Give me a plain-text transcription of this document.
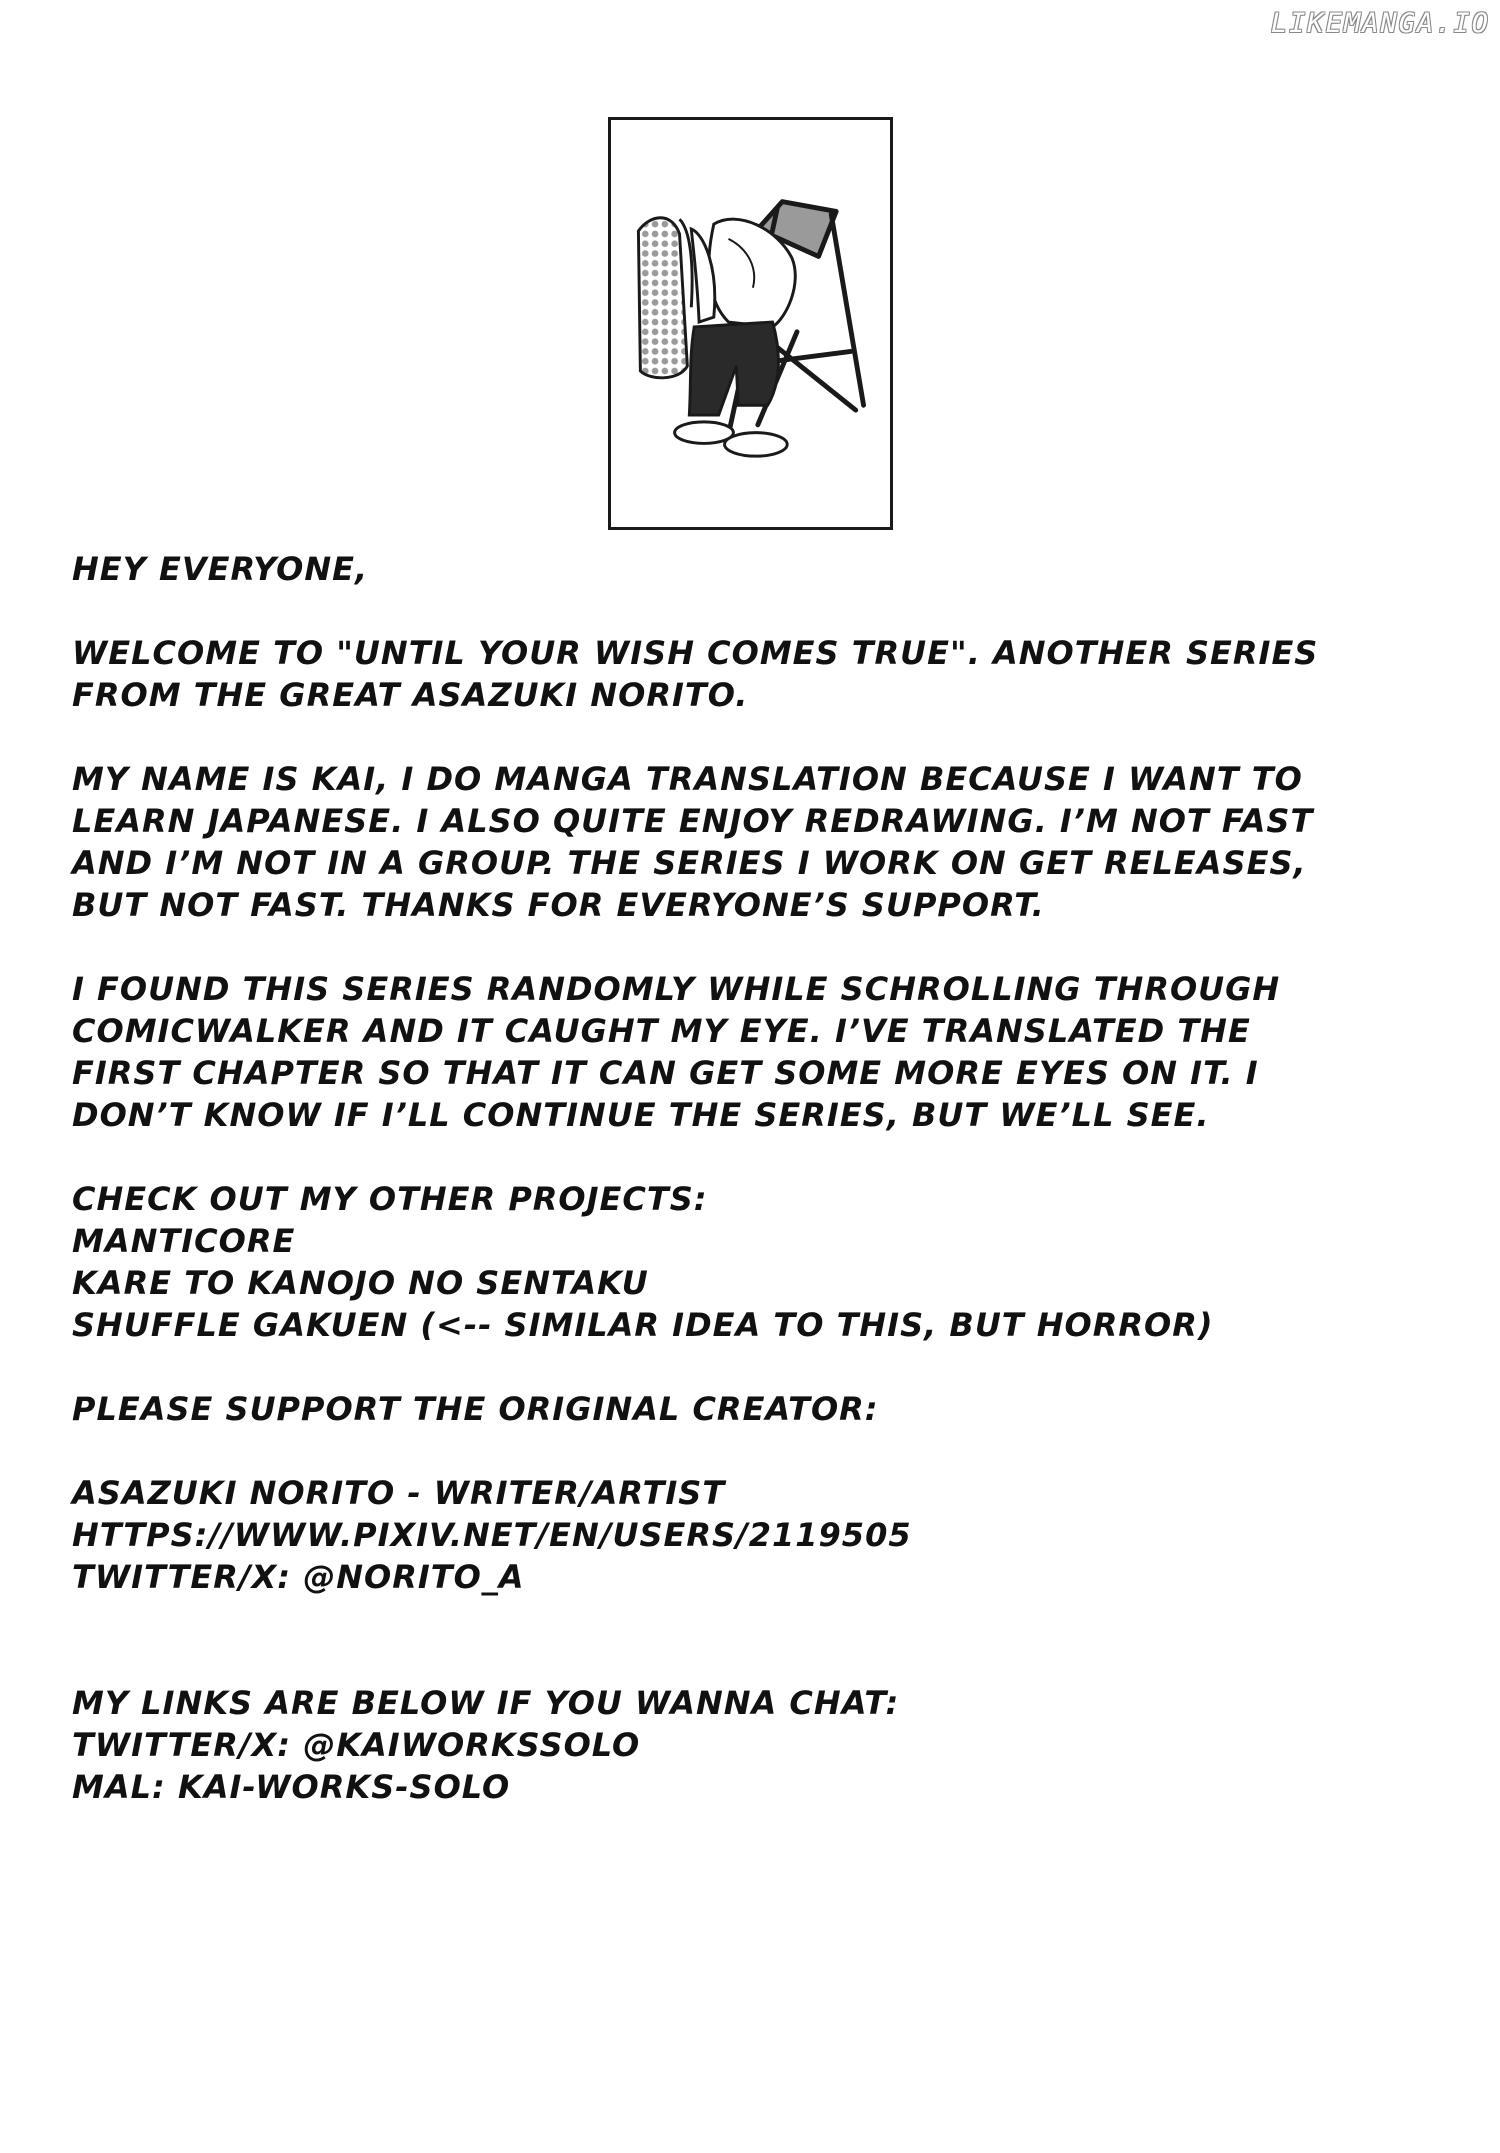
LIKEMANGA.IO
HEY EVERYONE,
WELCOME TO "UNTIL YOUR WISH COMES TRUE". ANOTHER SERIES
FROM THE GREAT ASAZUKI NORITO.
MY NAME IS KAI, I DO MANGA TRANSLATION BECAUSE I WANT TO
LEARN JAPANESE. I ALSO QUITE ENJOY REDRAWING. I’M NOT FAST
AND I’M NOT IN A GROUP. THE SERIES I WORK ON GET RELEASES,
BUT NOT FAST. THANKS FOR EVERYONE’S SUPPORT.
I FOUND THIS SERIES RANDOMLY WHILE SCHROLLING THROUGH
COMICWALKER AND IT CAUGHT MY EYE. I’VE TRANSLATED THE
FIRST CHAPTER SO THAT IT CAN GET SOME MORE EYES ON IT. I
DON’T KNOW IF I’LL CONTINUE THE SERIES, BUT WE’LL SEE.
CHECK OUT MY OTHER PROJECTS:
MANTICORE
KARE TO KANOJO NO SENTAKU
SHUFFLE GAKUEN (<-- SIMILAR IDEA TO THIS, BUT HORROR)
PLEASE SUPPORT THE ORIGINAL CREATOR:
ASAZUKI NORITO - WRITER/ARTIST
HTTPS://WWW.PIXIV.NET/EN/USERS/2119505
TWITTER/X: @NORITO_A
MY LINKS ARE BELOW IF YOU WANNA CHAT:
TWITTER/X: @KAIWORKSSOLO
MAL: KAI-WORKS-SOLO
